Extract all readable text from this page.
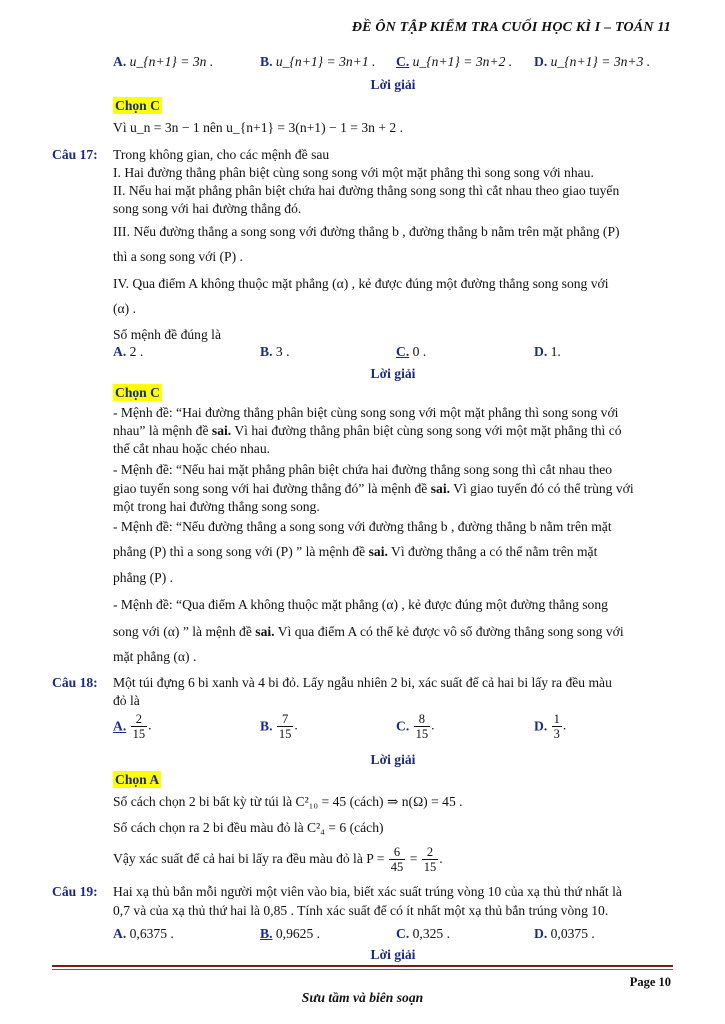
ĐỀ ÔN TẬP KIỂM TRA CUỐI HỌC KÌ I – TOÁN 11
A. u_{n+1} = 3n .	B. u_{n+1} = 3n+1 . C. u_{n+1} = 3n+2 . D. u_{n+1} = 3n+3 .
Lời giải
Chọn C
Vì u_n = 3n − 1 nên u_{n+1} = 3(n+1) − 1 = 3n + 2 .
Câu 17: Trong không gian, cho các mệnh đề sau
I. Hai đường thẳng phân biệt cùng song song với một mặt phẳng thì song song với nhau.
II. Nếu hai mặt phẳng phân biệt chứa hai đường thẳng song song thì cắt nhau theo giao tuyến
song song với hai đường thẳng đó.
III. Nếu đường thẳng a song song với đường thẳng b , đường thẳng b nằm trên mặt phẳng (P)
thì a song song với (P) .
IV. Qua điểm A không thuộc mặt phẳng (α) , kẻ được đúng một đường thẳng song song với
(α) .
Số mệnh đề đúng là
A. 2 .	B. 3 .	C. 0 .	D. 1.
Lời giải
Chọn C
- Mệnh đề: “Hai đường thẳng phân biệt cùng song song với một mặt phẳng thì song song với
nhau” là mệnh đề sai. Vì hai đường thẳng phân biệt cùng song song với một mặt phẳng thì có
thể cắt nhau hoặc chéo nhau.
- Mệnh đề: “Nếu hai mặt phẳng phân biệt chứa hai đường thẳng song song thì cắt nhau theo
giao tuyến song song với hai đường thẳng đó” là mệnh đề sai. Vì giao tuyến đó có thể trùng với
một trong hai đường thẳng song song.
- Mệnh đề: “Nếu đường thẳng a song song với đường thẳng b , đường thẳng b nằm trên mặt
phẳng (P) thì a song song với (P) ” là mệnh đề sai. Vì đường thẳng a có thể nằm trên mặt
phẳng (P) .
- Mệnh đề: “Qua điểm A không thuộc mặt phẳng (α) , kẻ được đúng một đường thẳng song
song với (α) ” là mệnh đề sai. Vì qua điểm A có thể kẻ được vô số đường thẳng song song với
mặt phẳng (α) .
Câu 18: Một túi đựng 6 bi xanh và 4 bi đỏ. Lấy ngẫu nhiên 2 bi, xác suất để cả hai bi lấy ra đều màu
đỏ là
A. $\frac{2}{15}$ .	B. $\frac{7}{15}$ .	C. $\frac{8}{15}$ .	D. $\frac{1}{3}$ .
Lời giải
Chọn A
Số cách chọn 2 bi bất kỳ từ túi là C²₁₀ = 45 (cách) ⇒ n(Ω) = 45 .
Số cách chọn ra 2 bi đều màu đỏ là C²₄ = 6 (cách)
Vậy xác suất để cả hai bi lấy ra đều màu đỏ là $P = \frac{6}{45} = \frac{2}{15}$ .
Câu 19: Hai xạ thủ bắn mỗi người một viên vào bia, biết xác suất trúng vòng 10 của xạ thủ thứ nhất là
0,7 và của xạ thủ thứ hai là 0,85 . Tính xác suất để có ít nhất một xạ thủ bắn trúng vòng 10.
A. 0,6375 .	B. 0,9625 .	C. 0,325 .	D. 0,0375 .
Lời giải
Page 10
Sưu tầm và biên soạn
